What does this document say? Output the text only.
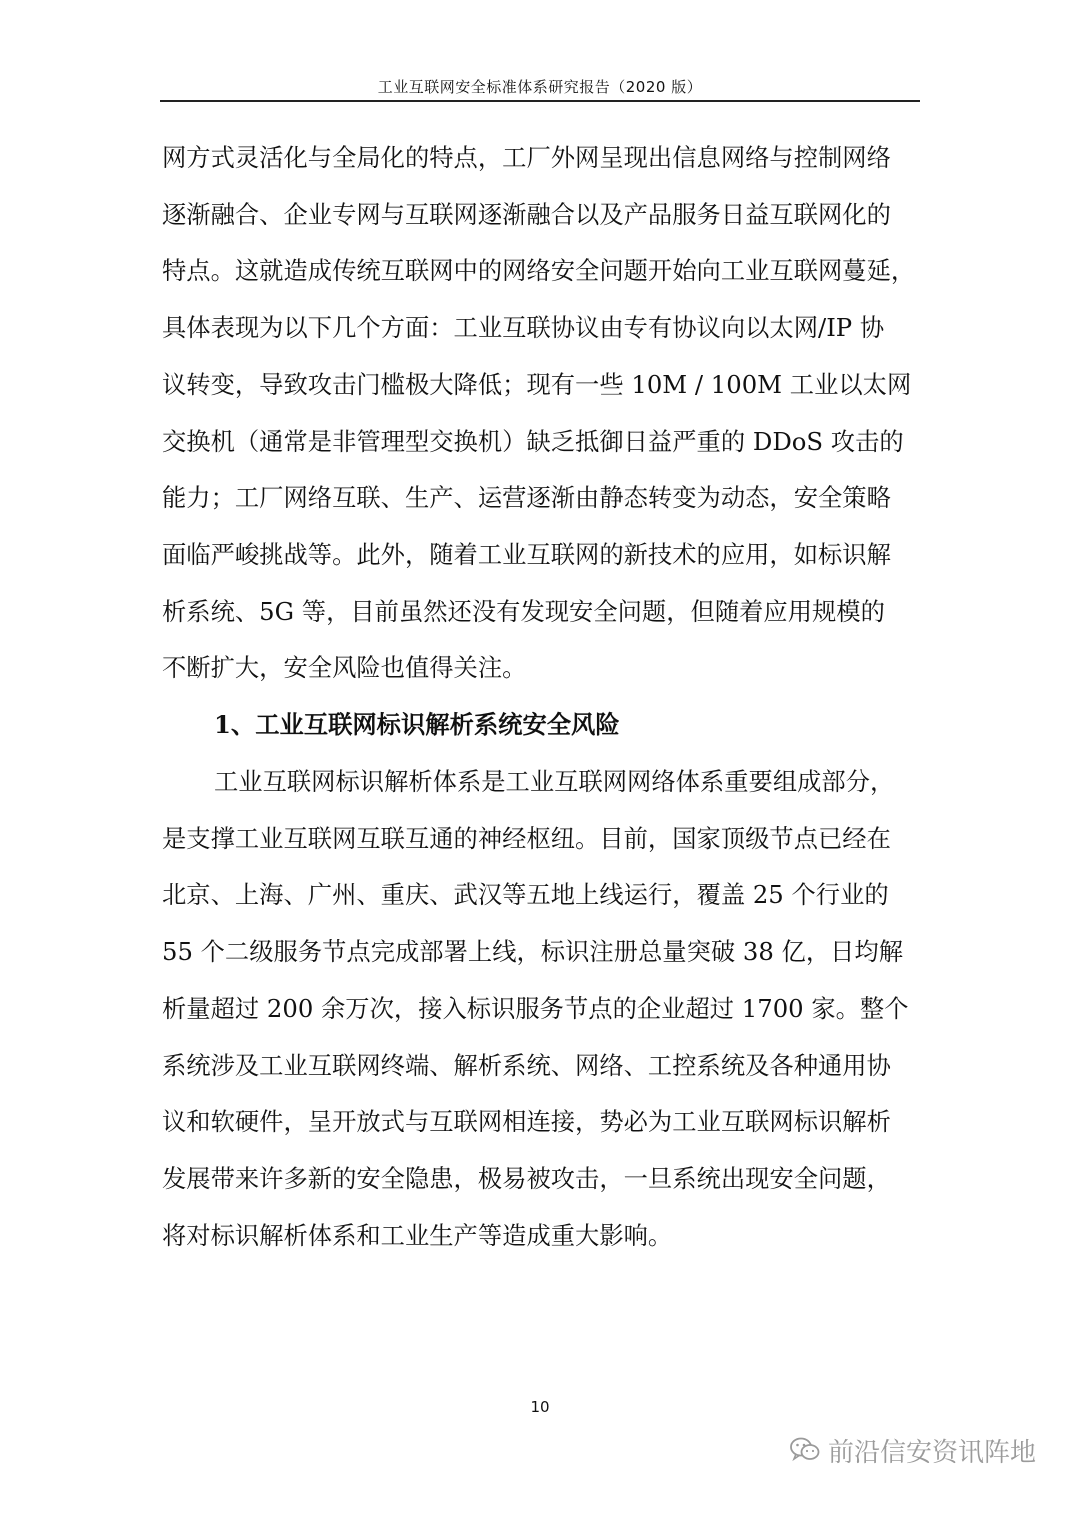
工业互联网安全标准体系研究报告（2020 版）
网方式灵活化与全局化的特点，工厂外网呈现出信息网络与控制网络
逐渐融合、企业专网与互联网逐渐融合以及产品服务日益互联网化的
特点。这就造成传统互联网中的网络安全问题开始向工业互联网蔓延，
具体表现为以下几个方面：工业互联协议由专有协议向以太网/IP 协
议转变，导致攻击门槛极大降低；现有一些 10M / 100M 工业以太网
交换机（通常是非管理型交换机）缺乏抵御日益严重的 DDoS 攻击的
能力；工厂网络互联、生产、运营逐渐由静态转变为动态，安全策略
面临严峻挑战等。此外，随着工业互联网的新技术的应用，如标识解
析系统、5G 等，目前虽然还没有发现安全问题，但随着应用规模的
不断扩大，安全风险也值得关注。
1、工业互联网标识解析系统安全风险
工业互联网标识解析体系是工业互联网网络体系重要组成部分，
是支撑工业互联网互联互通的神经枢纽。目前，国家顶级节点已经在
北京、上海、广州、重庆、武汉等五地上线运行，覆盖 25 个行业的
55 个二级服务节点完成部署上线，标识注册总量突破 38 亿，日均解
析量超过 200 余万次，接入标识服务节点的企业超过 1700 家。整个
系统涉及工业互联网终端、解析系统、网络、工控系统及各种通用协
议和软硬件，呈开放式与互联网相连接，势必为工业互联网标识解析
发展带来许多新的安全隐患，极易被攻击，一旦系统出现安全问题，
将对标识解析体系和工业生产等造成重大影响。
10
前沿信安资讯阵地
